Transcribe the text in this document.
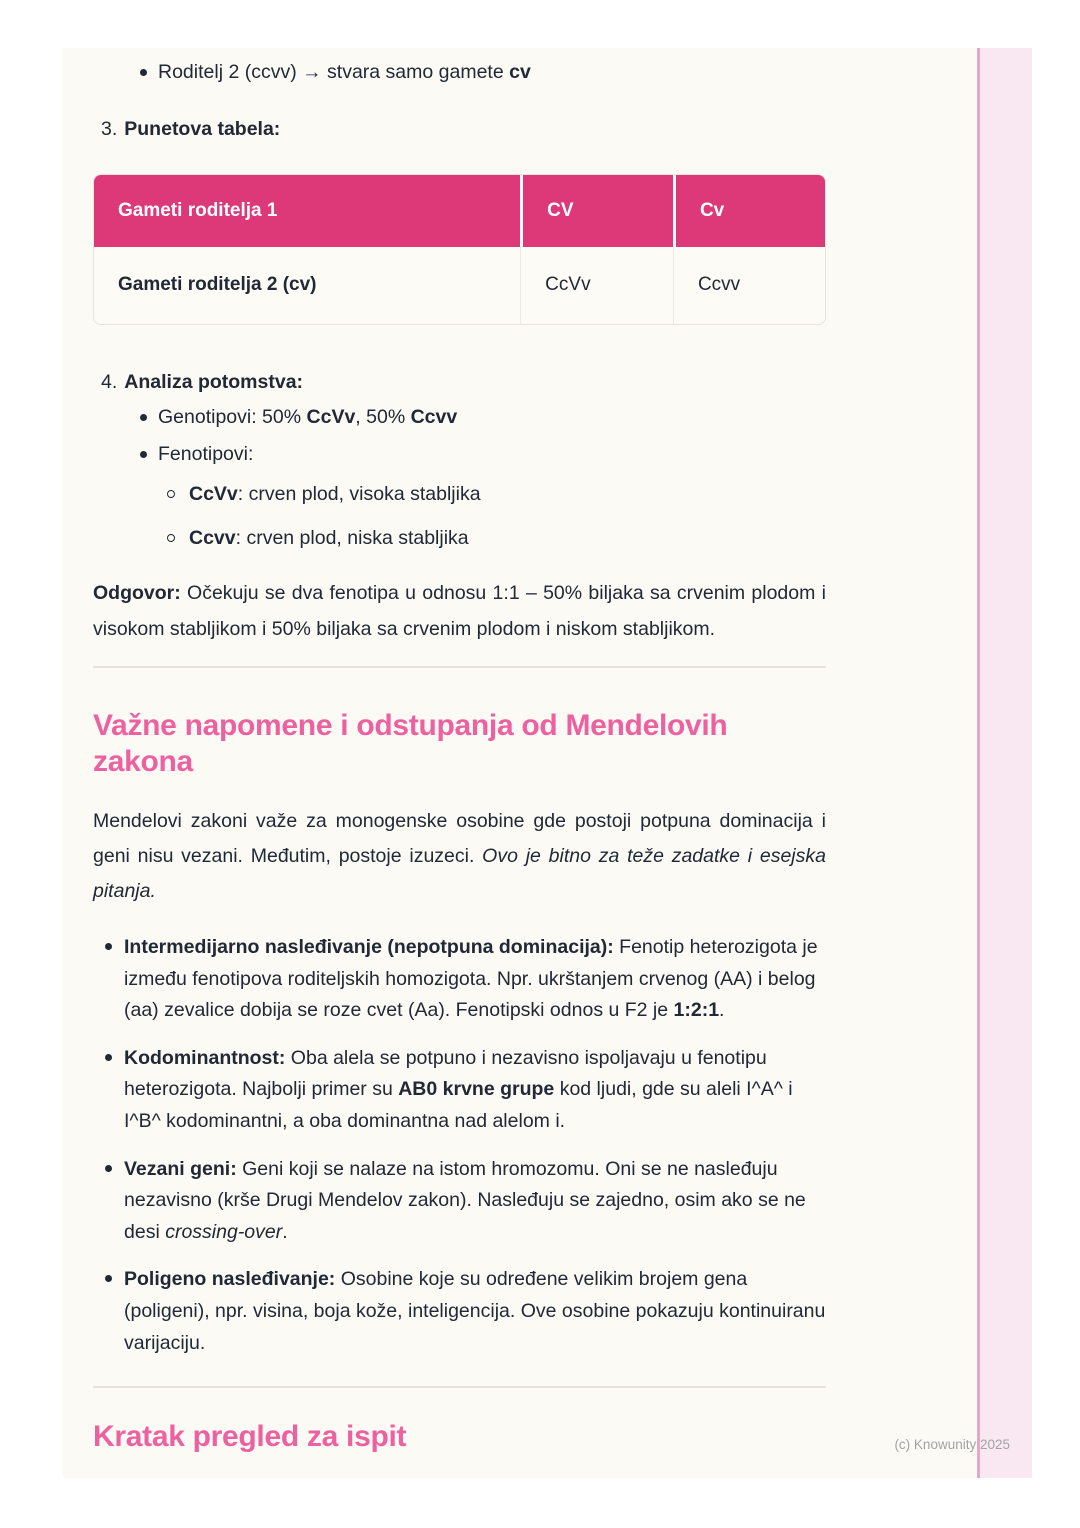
Roditelj 2 (ccvv) → stvara samo gamete cv
3. Punetova tabela:
Gameti roditelja 1	CV	Cv
Gameti roditelja 2 (cv)	CcVv	Ccvv
4. Analiza potomstva:
Genotipovi: 50% CcVv, 50% Ccvv
Fenotipovi:
CcVv: crven plod, visoka stabljika
Ccvv: crven plod, niska stabljika

Odgovor: Očekuju se dva fenotipa u odnosu 1:1 – 50% biljaka sa crvenim plodom i visokom stabljikom i 50% biljaka sa crvenim plodom i niskom stabljikom.

Važne napomene i odstupanja od Mendelovih zakona

Mendelovi zakoni važe za monogenske osobine gde postoji potpuna dominacija i geni nisu vezani. Međutim, postoje izuzeci. Ovo je bitno za teže zadatke i esejska pitanja.

Intermedijarno nasleđivanje (nepotpuna dominacija): Fenotip heterozigota je između fenotipova roditeljskih homozigota. Npr. ukrštanjem crvenog (AA) i belog (aa) zevalice dobija se roze cvet (Aa). Fenotipski odnos u F2 je 1:2:1.
Kodominantnost: Oba alela se potpuno i nezavisno ispoljavaju u fenotipu heterozigota. Najbolji primer su AB0 krvne grupe kod ljudi, gde su aleli I^A^ i I^B^ kodominantni, a oba dominantna nad alelom i.
Vezani geni: Geni koji se nalaze na istom hromozomu. Oni se ne nasleđuju nezavisno (krše Drugi Mendelov zakon). Nasleđuju se zajedno, osim ako se ne desi crossing-over.
Poligeno nasleđivanje: Osobine koje su određene velikim brojem gena (poligeni), npr. visina, boja kože, inteligencija. Ove osobine pokazuju kontinuiranu varijaciju.
Kratak pregled za ispit	(c) Knowunity 2025
